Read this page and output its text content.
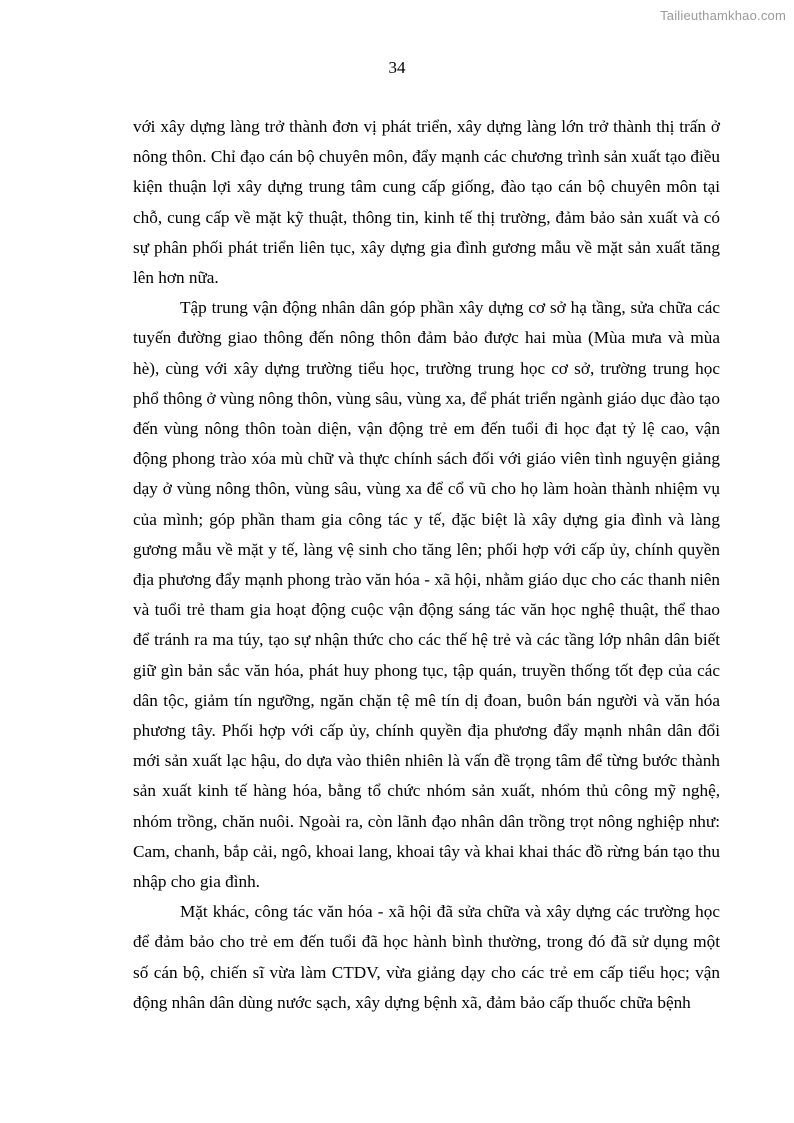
Tailieuthamkhao.com
34

với xây dựng làng trở thành đơn vị phát triển, xây dựng làng lớn trở thành thị trấn ở nông thôn. Chỉ đạo cán bộ chuyên môn, đẩy mạnh các chương trình sản xuất tạo điều kiện thuận lợi xây dựng trung tâm cung cấp giống, đào tạo cán bộ chuyên môn tại chỗ, cung cấp về mặt kỹ thuật, thông tin, kinh tế thị trường, đảm bảo sản xuất và có sự phân phối phát triển liên tục, xây dựng gia đình gương mẫu về mặt sản xuất tăng lên hơn nữa.

Tập trung vận động nhân dân góp phần xây dựng cơ sở hạ tầng, sửa chữa các tuyến đường giao thông đến nông thôn đảm bảo được hai mùa (Mùa mưa và mùa hè), cùng với xây dựng trường tiểu học, trường trung học cơ sở, trường trung học phổ thông ở vùng nông thôn, vùng sâu, vùng xa, để phát triển ngành giáo dục đào tạo đến vùng nông thôn toàn diện, vận động trẻ em đến tuổi đi học đạt tỷ lệ cao, vận động phong trào xóa mù chữ và thực chính sách đối với giáo viên tình nguyện giảng dạy ở vùng nông thôn, vùng sâu, vùng xa để cổ vũ cho họ làm hoàn thành nhiệm vụ của mình; góp phần tham gia công tác y tế, đặc biệt là xây dựng gia đình và làng gương mẫu về mặt y tế, làng vệ sinh cho tăng lên; phối hợp với cấp ủy, chính quyền địa phương đẩy mạnh phong trào văn hóa - xã hội, nhằm giáo dục cho các thanh niên và tuổi trẻ tham gia hoạt động cuộc vận động sáng tác văn học nghệ thuật, thể thao để tránh ra ma túy, tạo sự nhận thức cho các thế hệ trẻ và các tầng lớp nhân dân biết giữ gìn bản sắc văn hóa, phát huy phong tục, tập quán, truyền thống tốt đẹp của các dân tộc, giảm tín ngưỡng, ngăn chặn tệ mê tín dị đoan, buôn bán người và văn hóa phương tây. Phối hợp với cấp ủy, chính quyền địa phương đẩy mạnh nhân dân đổi mới sản xuất lạc hậu, do dựa vào thiên nhiên là vấn đề trọng tâm để từng bước thành sản xuất kinh tế hàng hóa, bằng tổ chức nhóm sản xuất, nhóm thủ công mỹ nghệ, nhóm trồng, chăn nuôi. Ngoài ra, còn lãnh đạo nhân dân trồng trọt nông nghiệp như: Cam, chanh, bắp cải, ngô, khoai lang, khoai tây và khai khai thác đồ rừng bán tạo thu nhập cho gia đình.

Mặt khác, công tác văn hóa - xã hội đã sửa chữa và xây dựng các trường học để đảm bảo cho trẻ em đến tuổi đã học hành bình thường, trong đó đã sử dụng một số cán bộ, chiến sĩ vừa làm CTDV, vừa giảng dạy cho các trẻ em cấp tiểu học; vận động nhân dân dùng nước sạch, xây dựng bệnh xã, đảm bảo cấp thuốc chữa bệnh
